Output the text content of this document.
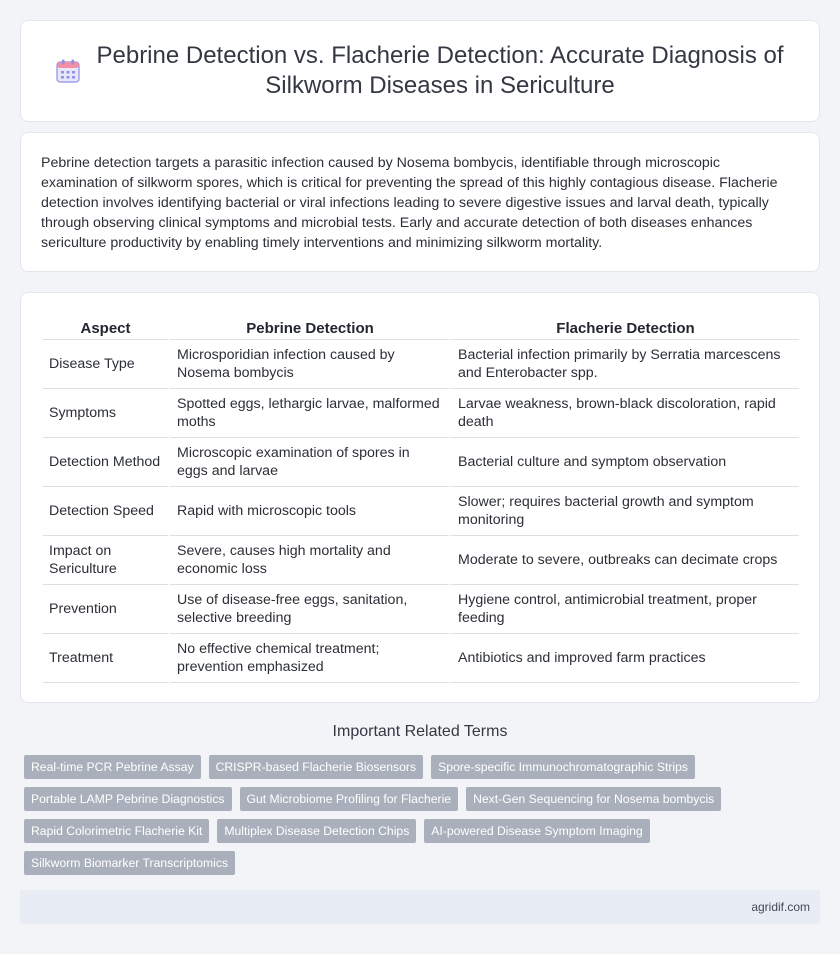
Pebrine Detection vs. Flacherie Detection: Accurate Diagnosis of Silkworm Diseases in Sericulture

Pebrine detection targets a parasitic infection caused by Nosema bombycis, identifiable through microscopic examination of silkworm spores, which is critical for preventing the spread of this highly contagious disease. Flacherie detection involves identifying bacterial or viral infections leading to severe digestive issues and larval death, typically through observing clinical symptoms and microbial tests. Early and accurate detection of both diseases enhances sericulture productivity by enabling timely interventions and minimizing silkworm mortality.

Aspect	Pebrine Detection	Flacherie Detection
Disease Type	Microsporidian infection caused by Nosema bombycis	Bacterial infection primarily by Serratia marcescens and Enterobacter spp.
Symptoms	Spotted eggs, lethargic larvae, malformed moths	Larvae weakness, brown-black discoloration, rapid death
Detection Method	Microscopic examination of spores in eggs and larvae	Bacterial culture and symptom observation
Detection Speed	Rapid with microscopic tools	Slower; requires bacterial growth and symptom monitoring
Impact on Sericulture	Severe, causes high mortality and economic loss	Moderate to severe, outbreaks can decimate crops
Prevention	Use of disease-free eggs, sanitation, selective breeding	Hygiene control, antimicrobial treatment, proper feeding
Treatment	No effective chemical treatment; prevention emphasized	Antibiotics and improved farm practices
Important Related Terms
Real-time PCR Pebrine Assay	CRISPR-based Flacherie Biosensors	Spore-specific Immunochromatographic Strips
Portable LAMP Pebrine Diagnostics	Gut Microbiome Profiling for Flacherie	Next-Gen Sequencing for Nosema bombycis
Rapid Colorimetric Flacherie Kit	Multiplex Disease Detection Chips	AI-powered Disease Symptom Imaging
Silkworm Biomarker Transcriptomics
agridif.com
